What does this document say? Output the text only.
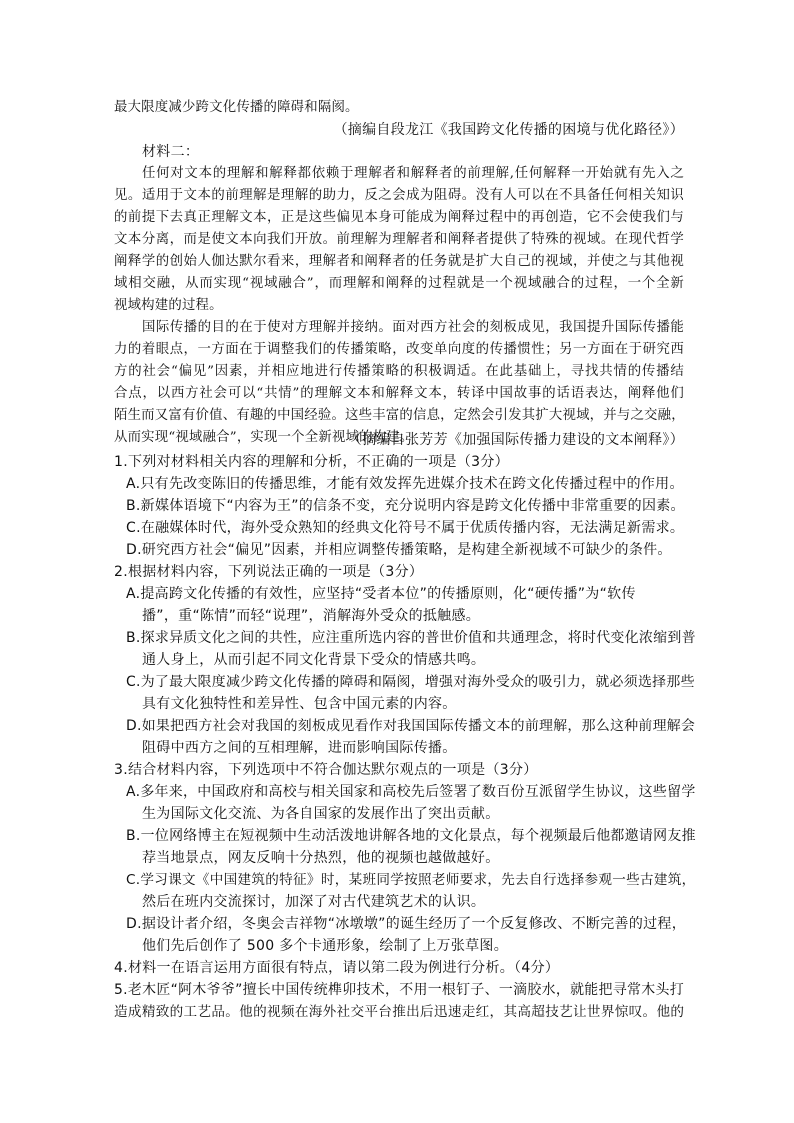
最大限度减少跨文化传播的障碍和隔阂。
（摘编自段龙江《我国跨文化传播的困境与优化路径》）
材料二：
任何对文本的理解和解释都依赖于理解者和解释者的前理解,任何解释一开始就有先入之
见。适用于文本的前理解是理解的助力，反之会成为阻碍。没有人可以在不具备任何相关知识
的前提下去真正理解文本，正是这些偏见本身可能成为阐释过程中的再创造，它不会使我们与
文本分离，而是使文本向我们开放。前理解为理解者和阐释者提供了特殊的视域。在现代哲学
阐释学的创始人伽达默尔看来，理解者和阐释者的任务就是扩大自己的视域，并使之与其他视
域相交融，从而实现“视域融合”，而理解和阐释的过程就是一个视域融合的过程，一个全新
视域构建的过程。
国际传播的目的在于使对方理解并接纳。面对西方社会的刻板成见，我国提升国际传播能
力的着眼点，一方面在于调整我们的传播策略，改变单向度的传播惯性；另一方面在于研究西
方的社会“偏见”因素，并相应地进行传播策略的积极调适。在此基础上，寻找共情的传播结
合点，以西方社会可以“共情”的理解文本和解释文本，转译中国故事的话语表达，阐释他们
陌生而又富有价值、有趣的中国经验。这些丰富的信息，定然会引发其扩大视域，并与之交融，
从而实现“视域融合”，实现一个全新视域的构建。
（摘编自张芳芳《加强国际传播力建设的文本阐释》）
1.下列对材料相关内容的理解和分析，不正确的一项是（3分）
A.只有先改变陈旧的传播思维，才能有效发挥先进媒介技术在跨文化传播过程中的作用。
B.新媒体语境下“内容为王”的信条不变，充分说明内容是跨文化传播中非常重要的因素。
C.在融媒体时代，海外受众熟知的经典文化符号不属于优质传播内容，无法满足新需求。
D.研究西方社会“偏见”因素，并相应调整传播策略，是构建全新视域不可缺少的条件。
2.根据材料内容，下列说法正确的一项是（3分）
A.提高跨文化传播的有效性，应坚持“受者本位”的传播原则，化“硬传播”为“软传
播”，重“陈情”而轻“说理”，消解海外受众的抵触感。
B.探求异质文化之间的共性，应注重所选内容的普世价值和共通理念，将时代变化浓缩到普
通人身上，从而引起不同文化背景下受众的情感共鸣。
C.为了最大限度减少跨文化传播的障碍和隔阂，增强对海外受众的吸引力，就必须选择那些
具有文化独特性和差异性、包含中国元素的内容。
D.如果把西方社会对我国的刻板成见看作对我国国际传播文本的前理解，那么这种前理解会
阻碍中西方之间的互相理解，进而影响国际传播。
3.结合材料内容，下列选项中不符合伽达默尔观点的一项是（3分）
A.多年来，中国政府和高校与相关国家和高校先后签署了数百份互派留学生协议，这些留学
生为国际文化交流、为各自国家的发展作出了突出贡献。
B.一位网络博主在短视频中生动活泼地讲解各地的文化景点，每个视频最后他都邀请网友推
荐当地景点，网友反响十分热烈，他的视频也越做越好。
C.学习课文《中国建筑的特征》时，某班同学按照老师要求，先去自行选择参观一些古建筑，
然后在班内交流探讨，加深了对古代建筑艺术的认识。
D.据设计者介绍，冬奥会吉祥物“冰墩墩”的诞生经历了一个反复修改、不断完善的过程，
他们先后创作了 500 多个卡通形象，绘制了上万张草图。
4.材料一在语言运用方面很有特点，请以第二段为例进行分析。（4分）
5.老木匠“阿木爷爷”擅长中国传统榫卯技术，不用一根钉子、一滴胶水，就能把寻常木头打
造成精致的工艺品。他的视频在海外社交平台推出后迅速走红，其高超技艺让世界惊叹。他的
